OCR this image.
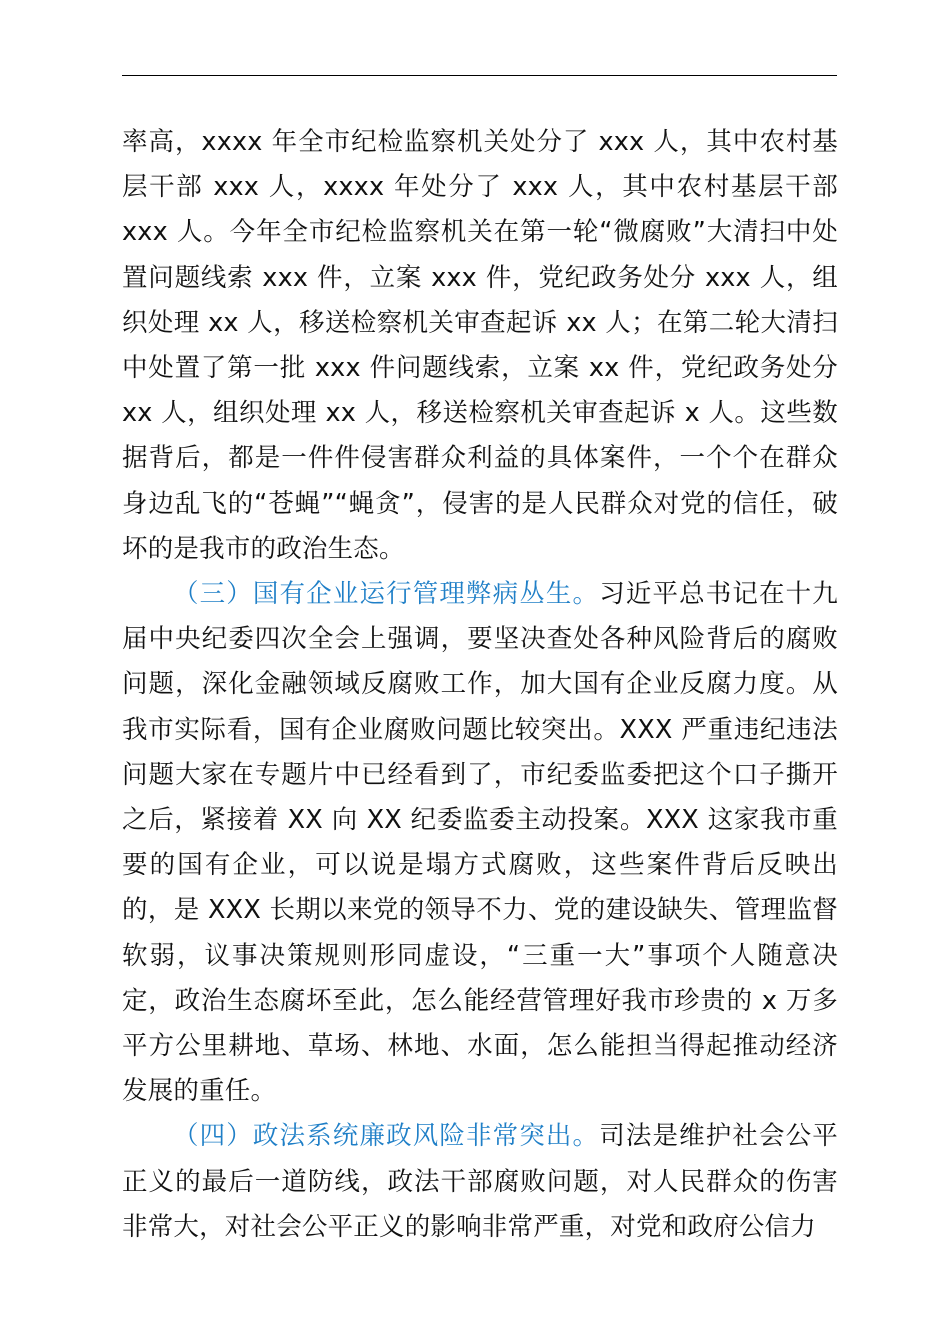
率高，xxxx 年全市纪检监察机关处分了 xxx 人，其中农村基层干部 xxx 人，xxxx 年处分了 xxx 人，其中农村基层干部 xxx 人。今年全市纪检监察机关在第一轮“微腐败”大清扫中处置问题线索 xxx 件，立案 xxx 件，党纪政务处分 xxx 人，组织处理 xx 人，移送检察机关审查起诉 xx 人；在第二轮大清扫中处置了第一批 xxx 件问题线索，立案 xx 件，党纪政务处分 xx 人，组织处理 xx 人，移送检察机关审查起诉 x 人。这些数据背后，都是一件件侵害群众利益的具体案件，一个个在群众身边乱飞的“苍蝇”“蝇贪”，侵害的是人民群众对党的信任，破坏的是我市的政治生态。

（三）国有企业运行管理弊病丛生。习近平总书记在十九届中央纪委四次全会上强调，要坚决查处各种风险背后的腐败问题，深化金融领域反腐败工作，加大国有企业反腐力度。从我市实际看，国有企业腐败问题比较突出。XXX 严重违纪违法问题大家在专题片中已经看到了，市纪委监委把这个口子撕开之后，紧接着 XX 向 XX 纪委监委主动投案。XXX 这家我市重要的国有企业，可以说是塌方式腐败，这些案件背后反映出的，是 XXX 长期以来党的领导不力、党的建设缺失、管理监督软弱，议事决策规则形同虚设，“三重一大”事项个人随意决定，政治生态腐坏至此，怎么能经营管理好我市珍贵的 x 万多平方公里耕地、草场、林地、水面，怎么能担当得起推动经济发展的重任。

（四）政法系统廉政风险非常突出。司法是维护社会公平正义的最后一道防线，政法干部腐败问题，对人民群众的伤害非常大，对社会公平正义的影响非常严重，对党和政府公信力
